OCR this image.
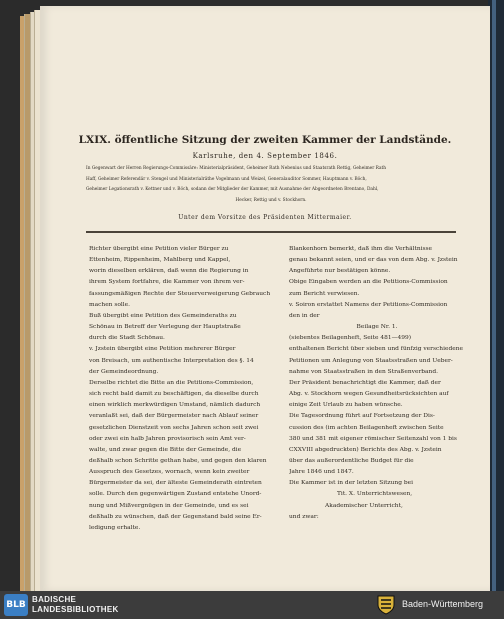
LXIX. öffentliche Sitzung der zweiten Kammer der Landstände.
Karlsruhe, den 4. September 1846.
In Gegenwart der Herren Regierungs-Commissäre: Ministerialpräsident, Geheimer Rath Nebenius und Staatsrath Rettig, Geheimer Rath
Haff, Geheimer Referendär v. Stengel und Ministerialräthe Vogelmann und Weizel, Generalauditor Sommer, Hauptmann v. Böch,
Geheimer Legationsrath v. Kettner und v. Böch, sodann der Mitglieder der Kammer, mit Ausnahme der Abgeordneten Brentano, Dahl,
Hecker, Rettig und v. Stockhorn.
Unter dem Vorsitze des Präsidenten Mittermaier.
Richter übergibt eine Petition vieler Bürger zu
Ettenheim, Rippenheim, Mahlberg und Kappel,
worin dieselben erklären, daß wenn die Regierung in
ihrem System fortfahre, die Kammer von ihrem ver-
fassungsmäßigen Rechte der Steuerverweigerung Gebrauch
machen solle.
Buß übergibt eine Petition des Gemeinderaths zu
Schönau in Betreff der Verlegung der Hauptstraße
durch die Stadt Schönau.
v. Jzstein übergibt eine Petition mehrerer Bürger
von Breisach, um authentische Interpretation des §. 14
der Gemeindeordnung.
Derselbe richtet die Bitte an die Petitions-Commission,
sich recht bald damit zu beschäftigen, da dieselbe durch
einen wirklich merkwürdigen Umstand, nämlich dadurch
veranlaßt sei, daß der Bürgermeister nach Ablauf seiner
gesetzlichen Dienstzeit von sechs Jahren schon seit zwei
oder zwei ein halb Jahren provisorisch sein Amt ver-
walte, und zwar gegen die Bitte der Gemeinde, die
deßhalb schon Schritte gethan habe, und gegen den klaren
Ausspruch des Gesetzes, wornach, wenn kein zweiter
Bürgermeister da sei, der älteste Gemeinderath eintreten
solle. Durch den gegenwärtigen Zustand entstehe Unord-
nung und Mißvergnügen in der Gemeinde, und es sei
deßhalb zu wünschen, daß der Gegenstand bald seine Er-
ledigung erhalte.
Blankenhorn bemerkt, daß ihm die Verhältnisse
genau bekannt seien, und er das von dem Abg. v. Jzstein
Angeführte nur bestätigen könne.
Obige Eingaben werden an die Petitions-Commission
zum Bericht verwiesen.
v. Soiron erstattet Namens der Petitions-Commission
den in der
Beilage Nr. 1.
(siebentes Beilagenheft, Seite 481—499)
enthaltenen Bericht über sieben und fünfzig verschiedene
Petitionen um Anlegung von Staatsstraßen und Ueber-
nahme von Staatsstraßen in den Straßenverband.
Der Präsident benachrichtigt die Kammer, daß der
Abg. v. Stockhorn wegen Gesundheitsrücksichten auf
einige Zeit Urlaub zu haben wünsche.
Die Tagesordnung führt auf Fortsetzung der Dis-
cussion des (im achten Beilagenheft zwischen Seite
380 und 381 mit eigener römischer Seitenzahl von 1 bis
CXXVIII abgedruckten) Berichts des Abg. v. Jzstein
über das außerordentliche Budget für die
Jahre 1846 und 1847.
Die Kammer ist in der letzten Sitzung bei
Tit. X. Unterrichtswesen,
Akademischer Unterricht,
und zwar:
BLB
BADISCHE
LANDESBIBLIOTHEK
Baden-Württemberg
